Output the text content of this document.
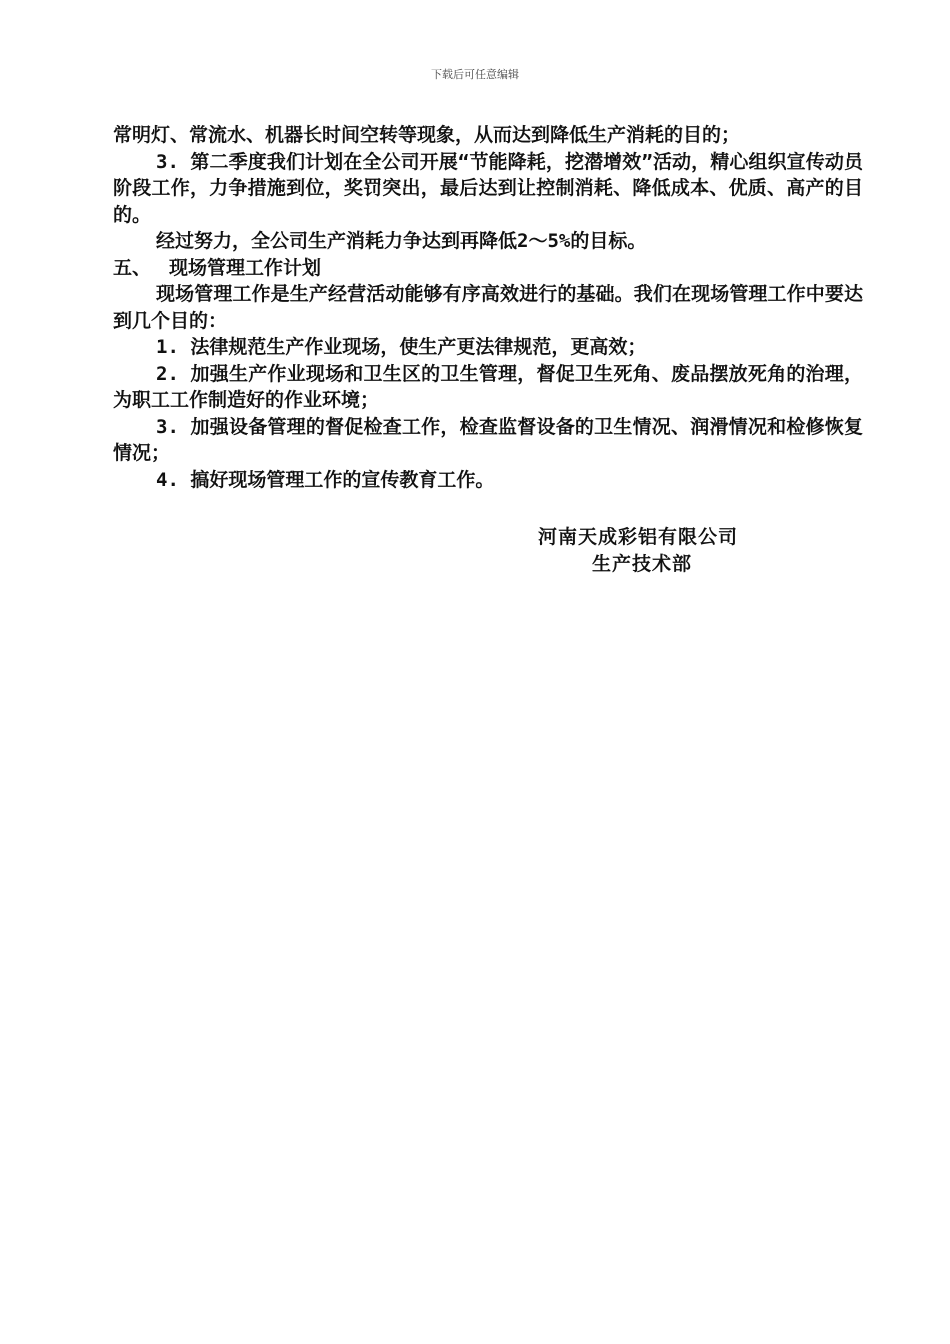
下载后可任意编辑

常明灯、常流水、机器长时间空转等现象，从而达到降低生产消耗的目的；

3. 第二季度我们计划在全公司开展“节能降耗，挖潜增效”活动，精心组织宣传动员阶段工作，力争措施到位，奖罚突出，最后达到让控制消耗、降低成本、优质、高产的目的。

经过努力，全公司生产消耗力争达到再降低2～5%的目标。

五、 现场管理工作计划

现场管理工作是生产经营活动能够有序高效进行的基础。我们在现场管理工作中要达到几个目的：

1. 法律规范生产作业现场，使生产更法律规范，更高效；

2. 加强生产作业现场和卫生区的卫生管理，督促卫生死角、废品摆放死角的治理，为职工工作制造好的作业环境；

3. 加强设备管理的督促检查工作，检查监督设备的卫生情况、润滑情况和检修恢复情况；

4. 搞好现场管理工作的宣传教育工作。

河南天成彩铝有限公司
生产技术部
